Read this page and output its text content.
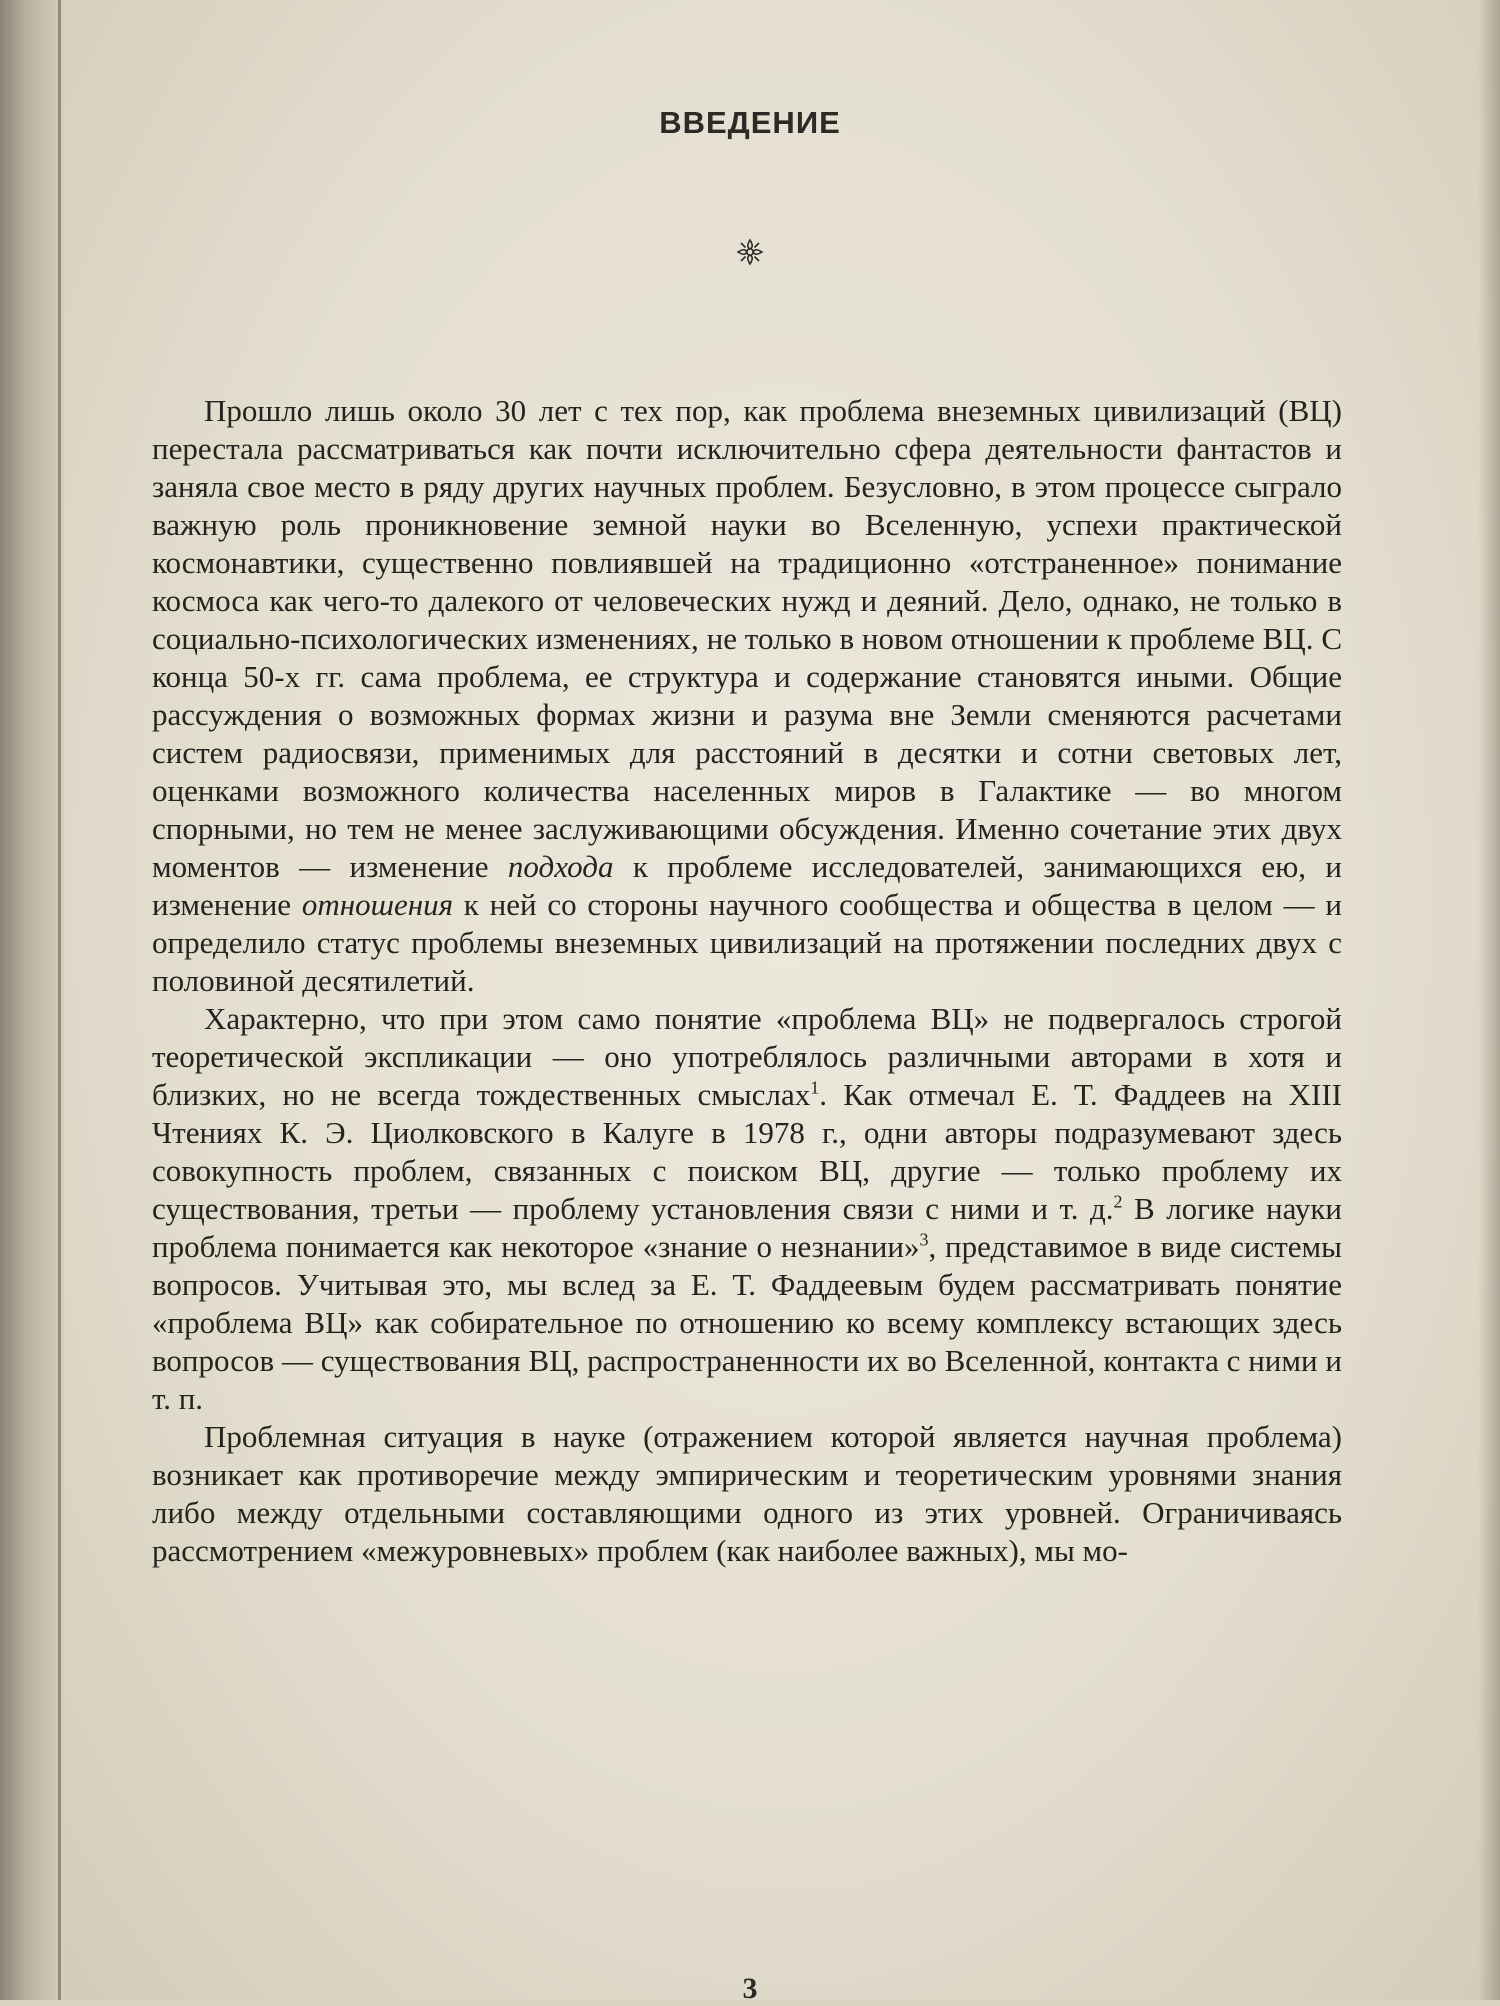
ВВЕДЕНИЕ

Прошло лишь около 30 лет с тех пор, как проблема внеземных цивилизаций (ВЦ) перестала рассматриваться как почти исключительно сфера деятельности фантастов и заняла свое место в ряду других научных проблем. Безусловно, в этом процессе сыграло важную роль проникновение земной науки во Вселенную, успехи практической космонавтики, существенно повлиявшей на традиционно «отстраненное» понимание космоса как чего-то далекого от человеческих нужд и деяний. Дело, однако, не только в социально-психологических изменениях, не только в новом отношении к проблеме ВЦ. С конца 50-х гг. сама проблема, ее структура и содержание становятся иными. Общие рассуждения о возможных формах жизни и разума вне Земли сменяются расчетами систем радиосвязи, применимых для расстояний в десятки и сотни световых лет, оценками возможного количества населенных миров в Галактике — во многом спорными, но тем не менее заслуживающими обсуждения. Именно сочетание этих двух моментов — изменение подхода к проблеме исследователей, занимающихся ею, и изменение отношения к ней со стороны научного сообщества и общества в целом — и определило статус проблемы внеземных цивилизаций на протяжении последних двух с половиной десятилетий.

Характерно, что при этом само понятие «проблема ВЦ» не подвергалось строгой теоретической экспликации — оно употреблялось различными авторами в хотя и близких, но не всегда тождественных смыслах$^1$. Как отмечал Е. Т. Фаддеев на XIII Чтениях К. Э. Циолковского в Калуге в 1978 г., одни авторы подразумевают здесь совокупность проблем, связанных с поиском ВЦ, другие — только проблему их существования, третьи — проблему установления связи с ними и т. д.$^2$ В логике науки проблема понимается как некоторое «знание о незнании»$^3$, представимое в виде системы вопросов. Учитывая это, мы вслед за Е. Т. Фаддеевым будем рассматривать понятие «проблема ВЦ» как собирательное по отношению ко всему комплексу встающих здесь вопросов — существования ВЦ, распространенности их во Вселенной, контакта с ними и т. п.

Проблемная ситуация в науке (отражением которой является научная проблема) возникает как противоречие между эмпирическим и теоретическим уровнями знания либо между отдельными составляющими одного из этих уровней. Ограничиваясь рассмотрением «межуровневых» проблем (как наиболее важных), мы мо-

3
